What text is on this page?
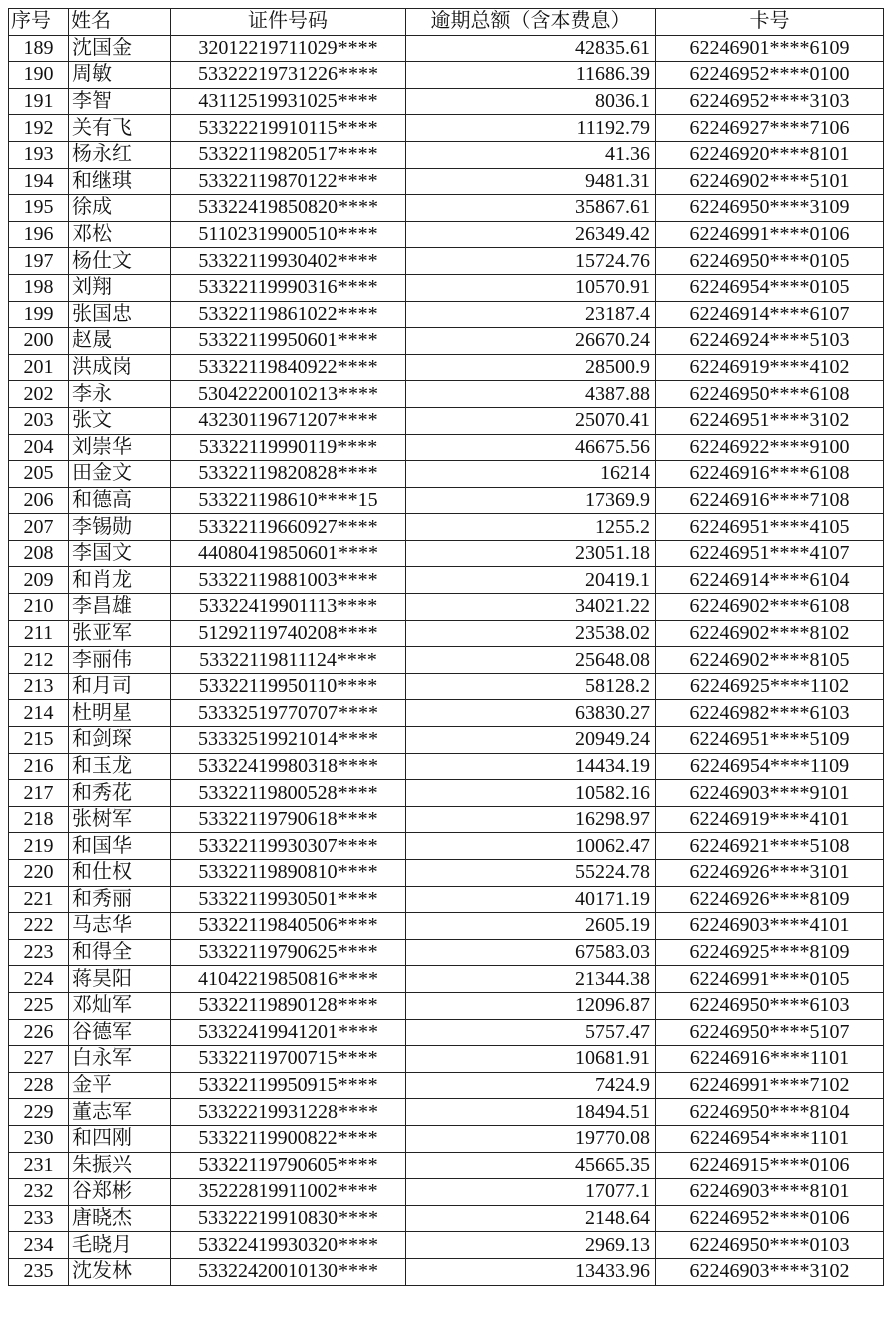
序号	姓名	证件号码	逾期总额（含本费息）	卡号
189	沈国金	32012219711029****	42835.61	62246901****6109
190	周敏	53322219731226****	11686.39	62246952****0100
191	李智	43112519931025****	8036.1	62246952****3103
192	关有飞	53322219910115****	11192.79	62246927****7106
193	杨永红	53322119820517****	41.36	62246920****8101
194	和继琪	53322119870122****	9481.31	62246902****5101
195	徐成	53322419850820****	35867.61	62246950****3109
196	邓松	51102319900510****	26349.42	62246991****0106
197	杨仕文	53322119930402****	15724.76	62246950****0105
198	刘翔	53322119990316****	10570.91	62246954****0105
199	张国忠	53322119861022****	23187.4	62246914****6107
200	赵晟	53322119950601****	26670.24	62246924****5103
201	洪成岗	53322119840922****	28500.9	62246919****4102
202	李永	53042220010213****	4387.88	62246950****6108
203	张文	43230119671207****	25070.41	62246951****3102
204	刘崇华	53322119990119****	46675.56	62246922****9100
205	田金文	53322119820828****	16214	62246916****6108
206	和德高	533221198610****15	17369.9	62246916****7108
207	李锡勋	53322119660927****	1255.2	62246951****4105
208	李国文	44080419850601****	23051.18	62246951****4107
209	和肖龙	53322119881003****	20419.1	62246914****6104
210	李昌雄	53322419901113****	34021.22	62246902****6108
211	张亚军	51292119740208****	23538.02	62246902****8102
212	李丽伟	53322119811124****	25648.08	62246902****8105
213	和月司	53322119950110****	58128.2	62246925****1102
214	杜明星	53332519770707****	63830.27	62246982****6103
215	和剑琛	53332519921014****	20949.24	62246951****5109
216	和玉龙	53322419980318****	14434.19	62246954****1109
217	和秀花	53322119800528****	10582.16	62246903****9101
218	张树军	53322119790618****	16298.97	62246919****4101
219	和国华	53322119930307****	10062.47	62246921****5108
220	和仕权	53322119890810****	55224.78	62246926****3101
221	和秀丽	53322119930501****	40171.19	62246926****8109
222	马志华	53322119840506****	2605.19	62246903****4101
223	和得全	53322119790625****	67583.03	62246925****8109
224	蒋昊阳	41042219850816****	21344.38	62246991****0105
225	邓灿军	53322119890128****	12096.87	62246950****6103
226	谷德军	53322419941201****	5757.47	62246950****5107
227	白永军	53322119700715****	10681.91	62246916****1101
228	金平	53322119950915****	7424.9	62246991****7102
229	董志军	53322219931228****	18494.51	62246950****8104
230	和四刚	53322119900822****	19770.08	62246954****1101
231	朱振兴	53322119790605****	45665.35	62246915****0106
232	谷郑彬	35222819911002****	17077.1	62246903****8101
233	唐晓杰	53322219910830****	2148.64	62246952****0106
234	毛晓月	53322419930320****	2969.13	62246950****0103
235	沈发林	53322420010130****	13433.96	62246903****3102
